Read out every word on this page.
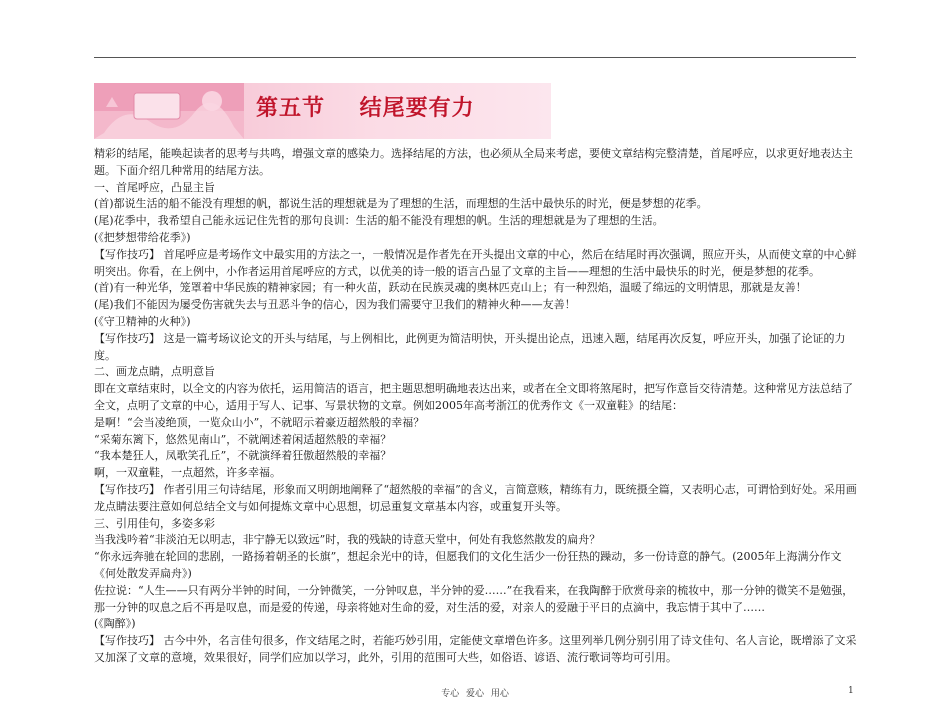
第五节    结尾要有力

精彩的结尾，能唤起读者的思考与共鸣，增强文章的感染力。选择结尾的方法，也必须从全局来考虑，要使文章结构完整清楚，首尾呼应，以求更好地表达主题。下面介绍几种常用的结尾方法。

一、首尾呼应，凸显主旨

(首)都说生活的船不能没有理想的帆，都说生活的理想就是为了理想的生活，而理想的生活中最快乐的时光，便是梦想的花季。

(尾)花季中，我希望自己能永远记住先哲的那句良训：生活的船不能没有理想的帆。生活的理想就是为了理想的生活。

(《把梦想带给花季》)

【写作技巧】 首尾呼应是考场作文中最实用的方法之一，一般情况是作者先在开头提出文章的中心，然后在结尾时再次强调，照应开头，从而使文章的中心鲜明突出。你看，在上例中，小作者运用首尾呼应的方式，以优美的诗一般的语言凸显了文章的主旨——理想的生活中最快乐的时光，便是梦想的花季。

(首)有一种光华，笼罩着中华民族的精神家园；有一种火苗，跃动在民族灵魂的奥林匹克山上；有一种烈焰，温暖了绵远的文明情思，那就是友善！

(尾)我们不能因为屡受伤害就失去与丑恶斗争的信心，因为我们需要守卫我们的精神火种——友善！

(《守卫精神的火种》)

【写作技巧】 这是一篇考场议论文的开头与结尾，与上例相比，此例更为简洁明快，开头提出论点，迅速入题，结尾再次反复，呼应开头，加强了论证的力度。

二、画龙点睛，点明意旨

即在文章结束时，以全文的内容为依托，运用简洁的语言，把主题思想明确地表达出来，或者在全文即将煞尾时，把写作意旨交待清楚。这种常见方法总结了全文，点明了文章的中心，适用于写人、记事、写景状物的文章。例如2005年高考浙江的优秀作文《一双童鞋》的结尾：

是啊！“会当凌绝顶，一览众山小”，不就昭示着豪迈超然般的幸福？

“采菊东篱下，悠然见南山”，不就阐述着闲适超然般的幸福？

“我本楚狂人，凤歌笑孔丘”，不就演绎着狂傲超然般的幸福？

啊，一双童鞋，一点超然，许多幸福。

【写作技巧】 作者引用三句诗结尾，形象而又明朗地阐释了“超然般的幸福”的含义，言简意赅，精练有力，既统摄全篇，又表明心志，可谓恰到好处。采用画龙点睛法要注意如何总结全文与如何提炼文章中心思想，切忌重复文章基本内容，或重复开头等。

三、引用佳句，多姿多彩

当我浅吟着“非淡泊无以明志，非宁静无以致远”时，我的残缺的诗意天堂中，何处有我悠然散发的扁舟？

“你永远奔驰在轮回的悲剧，一路扬着朝圣的长旗”，想起余光中的诗，但愿我们的文化生活少一份狂热的躁动，多一份诗意的静气。(2005年上海满分作文《何处散发弄扁舟》)

佐拉说：“人生——只有两分半钟的时间，一分钟微笑，一分钟叹息，半分钟的爱……”在我看来，在我陶醉于欣赏母亲的梳妆中，那一分钟的微笑不是勉强，那一分钟的叹息之后不再是叹息，而是爱的传递，母亲将她对生命的爱，对生活的爱，对亲人的爱融于平日的点滴中，我忘情于其中了……

(《陶醉》)

【写作技巧】 古今中外，名言佳句很多，作文结尾之时，若能巧妙引用，定能使文章增色许多。这里列举几例分别引用了诗文佳句、名人言论，既增添了文采又加深了文章的意境，效果很好，同学们应加以学习，此外，引用的范围可大些，如俗语、谚语、流行歌词等均可引用。

专心 爱心 用心	1
